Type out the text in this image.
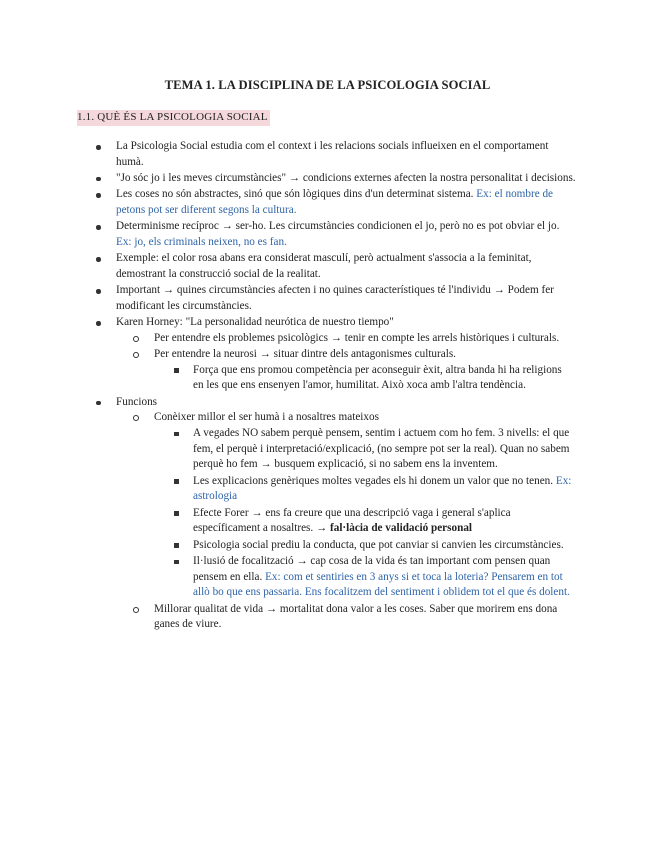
TEMA 1. LA DISCIPLINA DE LA PSICOLOGIA SOCIAL
1.1. QUÈ ÉS LA PSICOLOGIA SOCIAL
La Psicologia Social estudia com el context i les relacions socials influeixen en el comportament humà.
"Jo sóc jo i les meves circumstàncies" → condicions externes afecten la nostra personalitat i decisions.
Les coses no són abstractes, sinó que són lògiques dins d'un determinat sistema. Ex: el nombre de petons pot ser diferent segons la cultura.
Determinisme recíproc → ser-ho. Les circumstàncies condicionen el jo, però no es pot obviar el jo. Ex: jo, els criminals neixen, no es fan.
Exemple: el color rosa abans era considerat masculí, però actualment s'associa a la feminitat, demostrant la construcció social de la realitat.
Important → quines circumstàncies afecten i no quines característiques té l'individu → Podem fer modificant les circumstàncies.
Karen Horney: "La personalidad neurótica de nuestro tiempo"
Per entendre els problemes psicològics → tenir en compte les arrels històriques i culturals.
Per entendre la neurosi → situar dintre dels antagonismes culturals.
Força que ens promou competència per aconseguir èxit, altra banda hi ha religions en les que ens ensenyen l'amor, humilitat. Això xoca amb l'altra tendència.
Funcions
Conèixer millor el ser humà i a nosaltres mateixos
A vegades NO sabem perquè pensem, sentim i actuem com ho fem. 3 nivells: el que fem, el perquè i interpretació/explicació, (no sempre pot ser la real). Quan no sabem perquè ho fem → busquem explicació, si no sabem ens la inventem.
Les explicacions genèriques moltes vegades els hi donem un valor que no tenen. Ex: astrologia
Efecte Forer → ens fa creure que una descripció vaga i general s'aplica específicament a nosaltres. → fal·làcia de validació personal
Psicologia social prediu la conducta, que pot canviar si canvien les circumstàncies.
Il·lusió de focalització → cap cosa de la vida és tan important com pensen quan pensem en ella. Ex: com et sentiries en 3 anys si et toca la loteria? Pensarem en tot allò bo que ens passaria. Ens focalitzem del sentiment i oblidem tot el que és dolent.
Millorar qualitat de vida → mortalitat dona valor a les coses. Saber que morirem ens dona ganes de viure.
